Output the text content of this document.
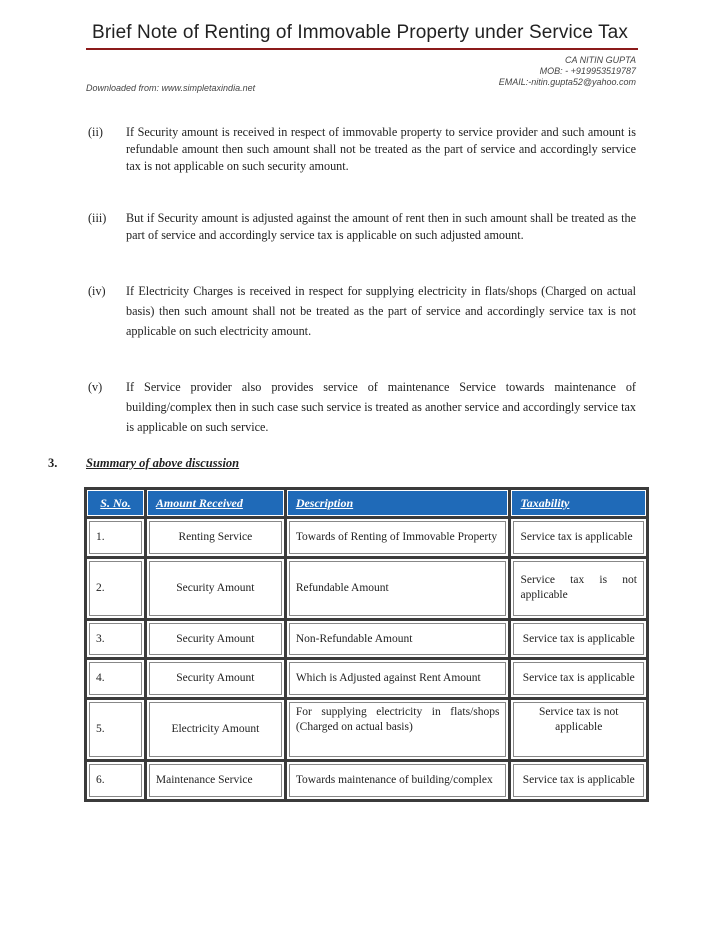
Brief Note of Renting of Immovable Property under Service Tax
CA NITIN GUPTA
MOB: - +919953519787
EMAIL:-nitin.gupta52@yahoo.com
Downloaded from: www.simpletaxindia.net
(ii) If Security amount is received in respect of immovable property to service provider and such amount is refundable amount then such amount shall not be treated as the part of service and accordingly service tax is not applicable on such security amount.
(iii) But if Security amount is adjusted against the amount of rent then in such amount shall be treated as the part of service and accordingly service tax is applicable on such adjusted amount.
(iv) If Electricity Charges is received in respect for supplying electricity in flats/shops (Charged on actual basis) then such amount shall not be treated as the part of service and accordingly service tax is not applicable on such electricity amount.
(v) If Service provider also provides service of maintenance Service towards maintenance of building/complex then in such case such service is treated as another service and accordingly service tax is applicable on such service.
3. Summary of above discussion
S. No.	Amount Received	Description	Taxability
1.	Renting Service	Towards of Renting of Immovable Property	Service tax is applicable
2.	Security Amount	Refundable Amount	Service tax is not applicable
3.	Security Amount	Non-Refundable Amount	Service tax is applicable
4.	Security Amount	Which is Adjusted against Rent Amount	Service tax is applicable
5.	Electricity Amount	For supplying electricity in flats/shops (Charged on actual basis)	Service tax is not applicable
6.	Maintenance Service	Towards maintenance of building/complex	Service tax is applicable
